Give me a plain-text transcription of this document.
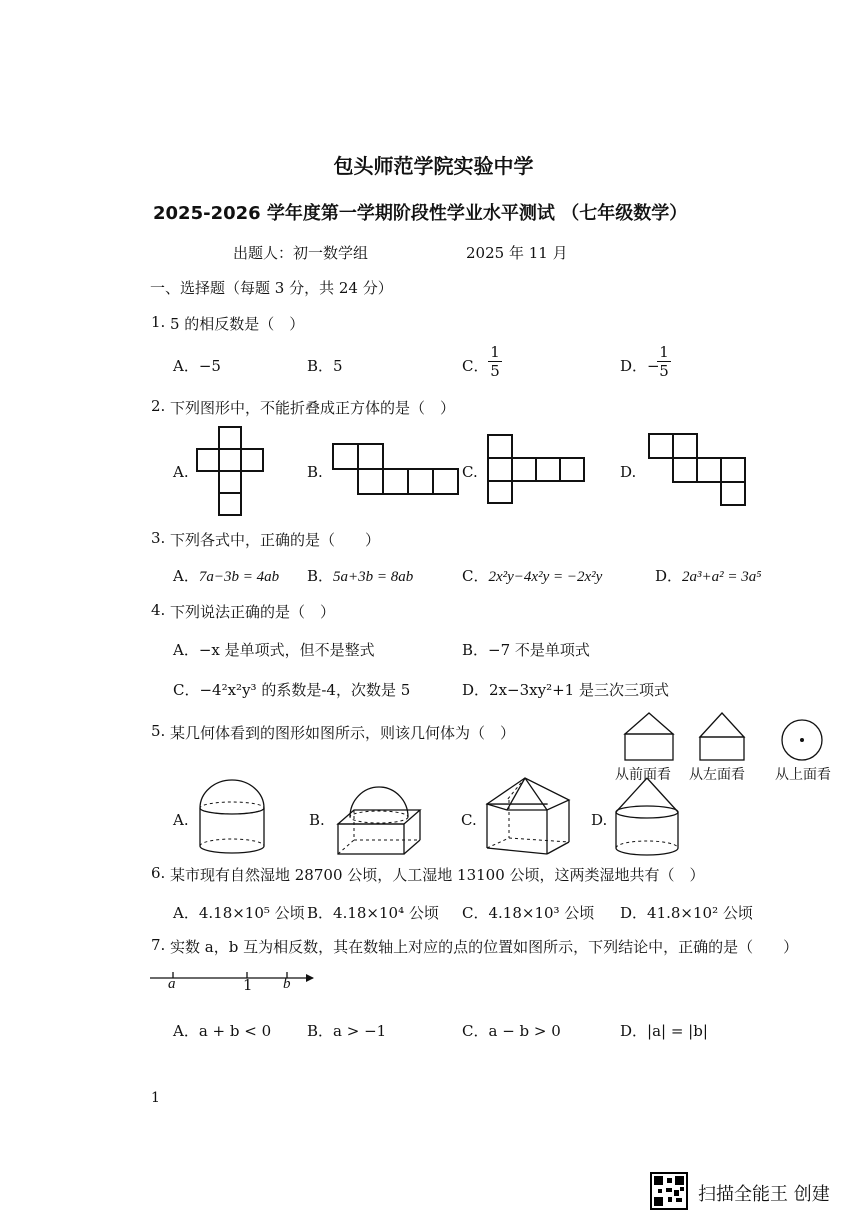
包头师范学院实验中学
2025-2026 学年度第一学期阶段性学业水平测试 （七年级数学）
出题人：初一数学组	2025 年 11 月
一、选择题（每题 3 分，共 24 分）
1. 5 的相反数是（　）
A．−5	B．5	C． $\frac{1}{5}$	D．−
$\frac{1}{5}$
2. 下列图形中，不能折叠成正方体的是（　）
A.	B.	C.	D.
3. 下列各式中，正确的是（　　）
A．7a−3b = 4ab B．5a+3b = 8ab	C．2x²y−4x²y = −2x²y	D．2a³+a² = 3a⁵
4. 下列说法正确的是（　）
A．−x 是单项式，但不是整式	B．−7 不是单项式
C．−4²x²y³ 的系数是-4，次数是 5	D．2x−3xy²+1 是三次三项式
5. 某几何体看到的图形如图所示，则该几何体为（　）
从前面看 从左面看 从上面看
A.	B.	C.	D.
6. 某市现有自然湿地 28700 公顷，人工湿地 13100 公顷，这两类湿地共有（　）
A．4.18×10⁵ 公顷 B．4.18×10⁴ 公顷 C．4.18×10³ 公顷 D．41.8×10² 公顷
7. 实数 a，b 互为相反数，其在数轴上对应的点的位置如图所示，下列结论中，正确的是（　　）
a	1 b
A．a + b < 0 B．a > −1	C．a − b > 0	D．|a| = |b|
1
扫描全能王 创建
